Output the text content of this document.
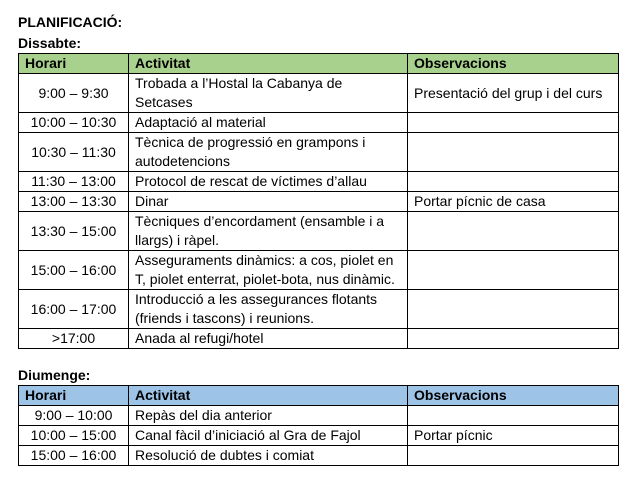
PLANIFICACIÓ:
Dissabte:
Horari	Activitat	Observacions
9:00 – 9:30	Trobada a l’Hostal la Cabanya de Setcases	Presentació del grup i del curs
10:00 – 10:30	Adaptació al material	
10:30 – 11:30	Tècnica de progressió en grampons i autodetencions	
11:30 – 13:00	Protocol de rescat de víctimes d’allau	
13:00 – 13:30	Dinar	Portar pícnic de casa
13:30 – 15:00	Tècniques d’encordament (ensamble i a llargs) i ràpel.	
15:00 – 16:00	Asseguraments dinàmics: a cos, piolet en T, piolet enterrat, piolet-bota, nus dinàmic.	
16:00 – 17:00	Introducció a les assegurances flotants (friends i tascons) i reunions.	
>17:00	Anada al refugi/hotel	
Diumenge:
Horari	Activitat	Observacions
9:00 – 10:00	Repàs del dia anterior	
10:00 – 15:00	Canal fàcil d’iniciació al Gra de Fajol	Portar pícnic
15:00 – 16:00	Resolució de dubtes i comiat	
